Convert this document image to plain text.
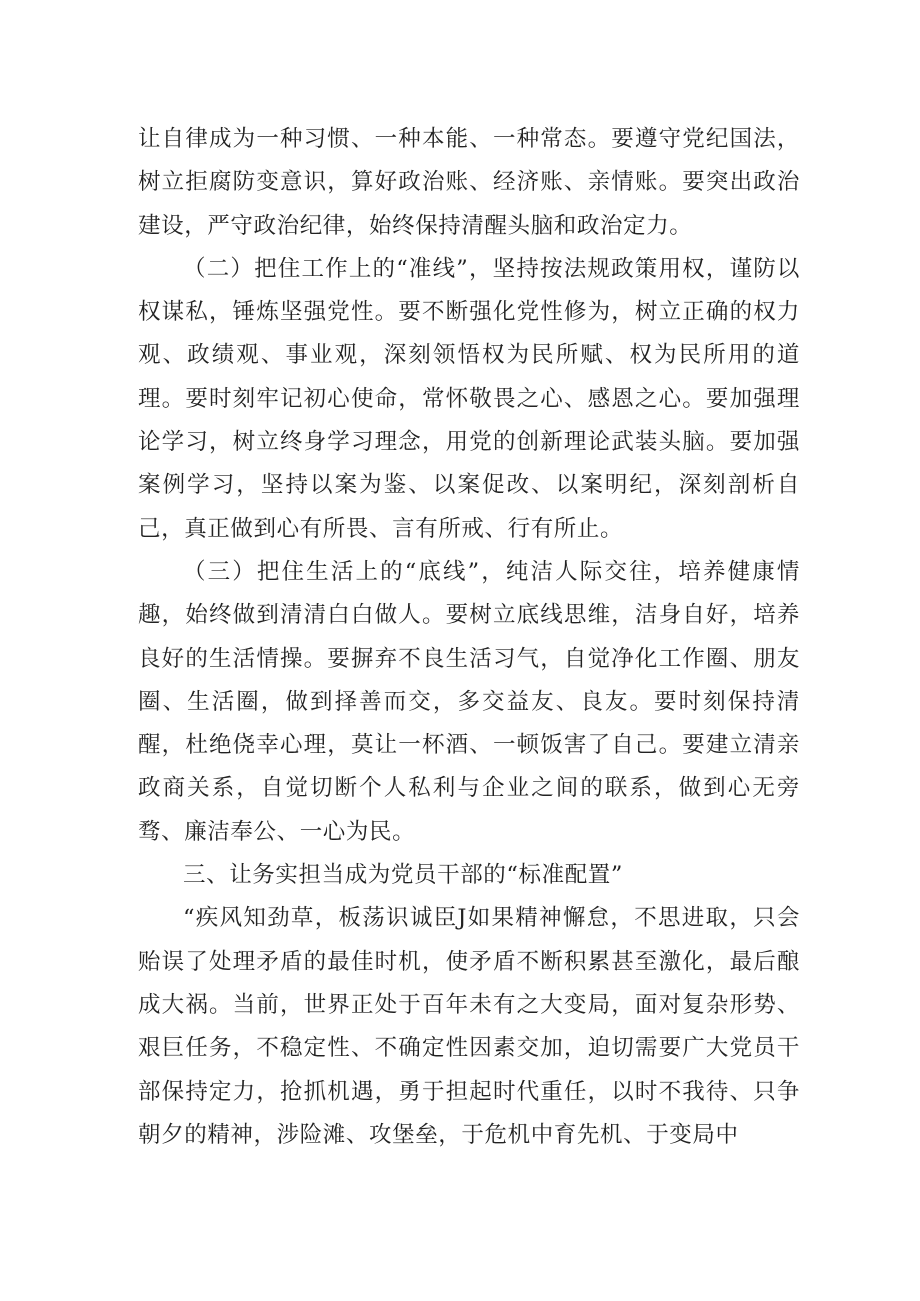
让自律成为一种习惯、一种本能、一种常态。要遵守党纪国法，树立拒腐防变意识，算好政治账、经济账、亲情账。要突出政治建设，严守政治纪律，始终保持清醒头脑和政治定力。

（二）把住工作上的“准线”，坚持按法规政策用权，谨防以权谋私，锤炼坚强党性。要不断强化党性修为，树立正确的权力观、政绩观、事业观，深刻领悟权为民所赋、权为民所用的道理。要时刻牢记初心使命，常怀敬畏之心、感恩之心。要加强理论学习，树立终身学习理念，用党的创新理论武装头脑。要加强案例学习，坚持以案为鉴、以案促改、以案明纪，深刻剖析自己，真正做到心有所畏、言有所戒、行有所止。

（三）把住生活上的“底线”，纯洁人际交往，培养健康情趣，始终做到清清白白做人。要树立底线思维，洁身自好，培养良好的生活情操。要摒弃不良生活习气，自觉净化工作圈、朋友圈、生活圈，做到择善而交，多交益友、良友。要时刻保持清醒，杜绝侥幸心理，莫让一杯酒、一顿饭害了自己。要建立清亲政商关系，自觉切断个人私利与企业之间的联系，做到心无旁骛、廉洁奉公、一心为民。

三、让务实担当成为党员干部的“标准配置”

“疾风知劲草，板荡识诚臣J如果精神懈怠，不思进取，只会贻误了处理矛盾的最佳时机，使矛盾不断积累甚至激化，最后酿成大祸。当前，世界正处于百年未有之大变局，面对复杂形势、艰巨任务，不稳定性、不确定性因素交加，迫切需要广大党员干部保持定力，抢抓机遇，勇于担起时代重任，以时不我待、只争朝夕的精神，涉险滩、攻堡垒，于危机中育先机、于变局中
